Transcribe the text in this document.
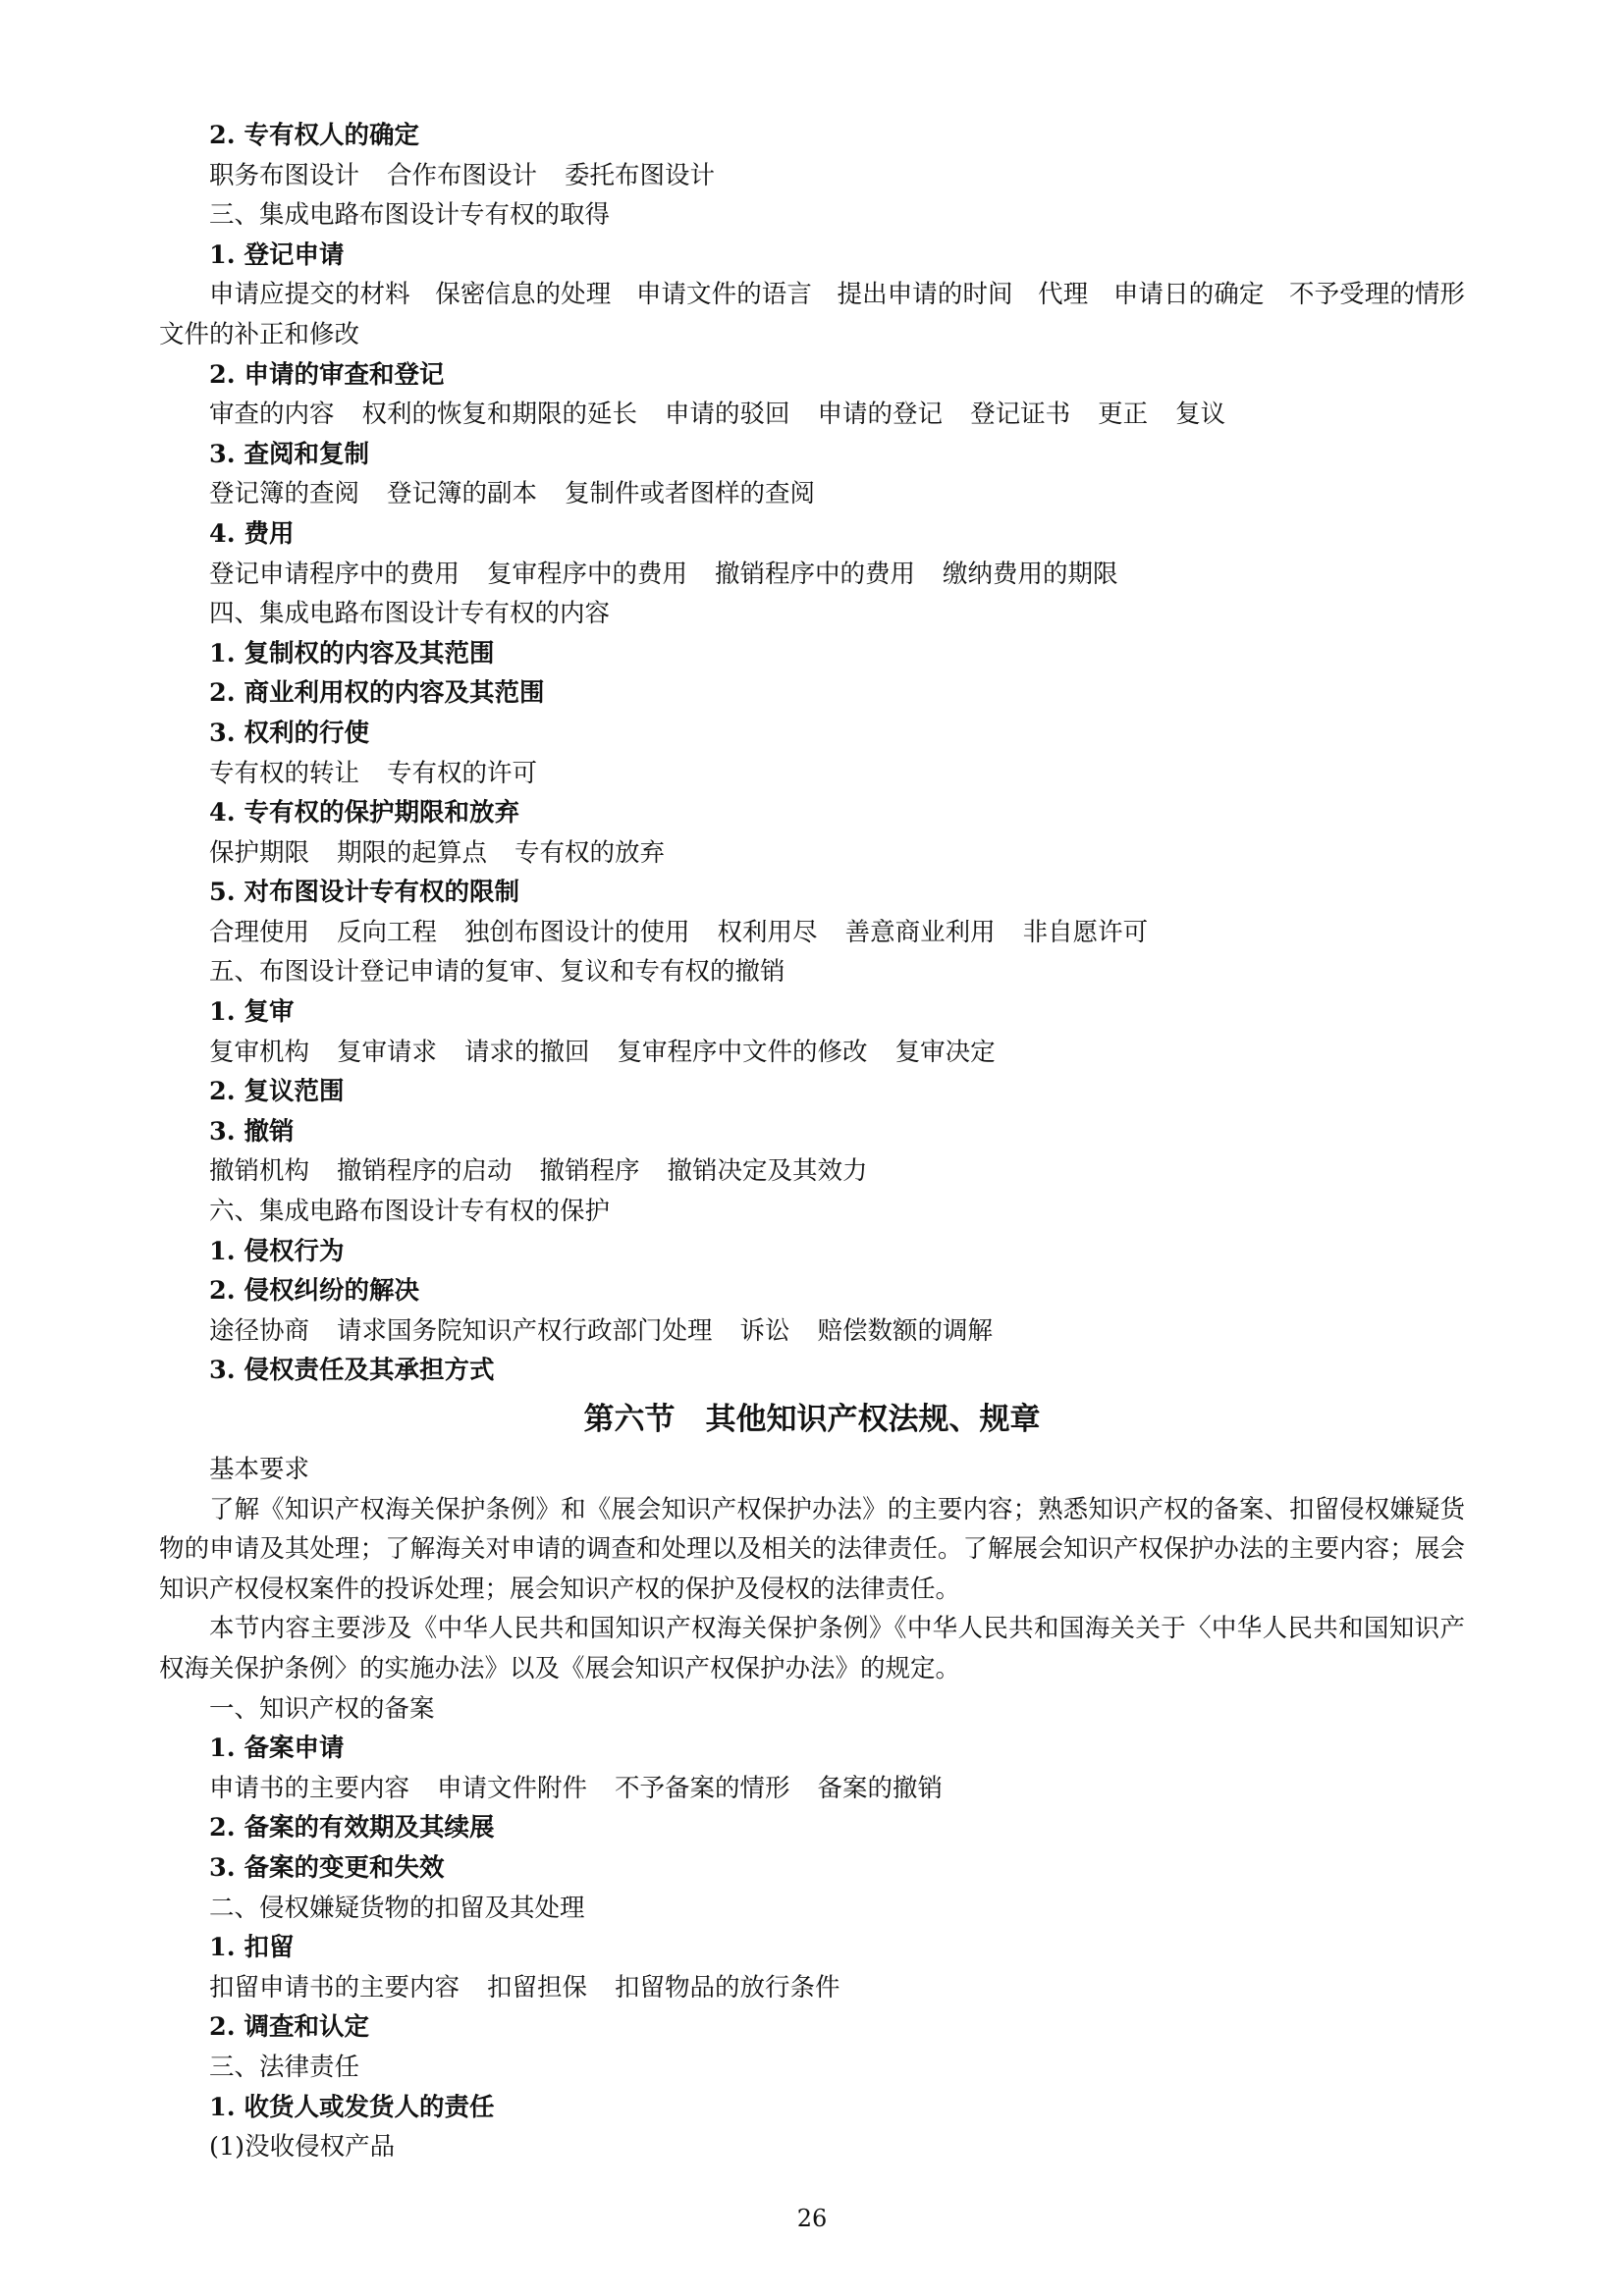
2. 专有权人的确定
职务布图设计 合作布图设计 委托布图设计
三、集成电路布图设计专有权的取得
1. 登记申请

申请应提交的材料　保密信息的处理　申请文件的语言　提出申请的时间　代理　申请日的确定　不予受理的情形　文件的补正和修改

2. 申请的审查和登记
审查的内容 权利的恢复和期限的延长 申请的驳回 申请的登记 登记证书 更正 复议
3. 查阅和复制
登记簿的查阅 登记簿的副本 复制件或者图样的查阅
4. 费用
登记申请程序中的费用 复审程序中的费用 撤销程序中的费用 缴纳费用的期限
四、集成电路布图设计专有权的内容
1. 复制权的内容及其范围
2. 商业利用权的内容及其范围
3. 权利的行使
专有权的转让 专有权的许可
4. 专有权的保护期限和放弃
保护期限 期限的起算点 专有权的放弃
5. 对布图设计专有权的限制
合理使用 反向工程 独创布图设计的使用 权利用尽 善意商业利用 非自愿许可
五、布图设计登记申请的复审、复议和专有权的撤销
1. 复审
复审机构 复审请求 请求的撤回 复审程序中文件的修改 复审决定
2. 复议范围
3. 撤销
撤销机构 撤销程序的启动 撤销程序 撤销决定及其效力
六、集成电路布图设计专有权的保护
1. 侵权行为
2. 侵权纠纷的解决
途径协商 请求国务院知识产权行政部门处理 诉讼 赔偿数额的调解
3. 侵权责任及其承担方式
第六节　其他知识产权法规、规章
基本要求

了解《知识产权海关保护条例》和《展会知识产权保护办法》的主要内容；熟悉知识产权的备案、扣留侵权嫌疑货物的申请及其处理；了解海关对申请的调查和处理以及相关的法律责任。了解展会知识产权保护办法的主要内容；展会知识产权侵权案件的投诉处理；展会知识产权的保护及侵权的法律责任。

本节内容主要涉及《中华人民共和国知识产权海关保护条例》《中华人民共和国海关关于〈中华人民共和国知识产权海关保护条例〉的实施办法》以及《展会知识产权保护办法》的规定。

一、知识产权的备案
1. 备案申请
申请书的主要内容 申请文件附件 不予备案的情形 备案的撤销
2. 备案的有效期及其续展
3. 备案的变更和失效
二、侵权嫌疑货物的扣留及其处理
1. 扣留
扣留申请书的主要内容 扣留担保 扣留物品的放行条件
2. 调查和认定
三、法律责任
1. 收货人或发货人的责任
(1)没收侵权产品
26
